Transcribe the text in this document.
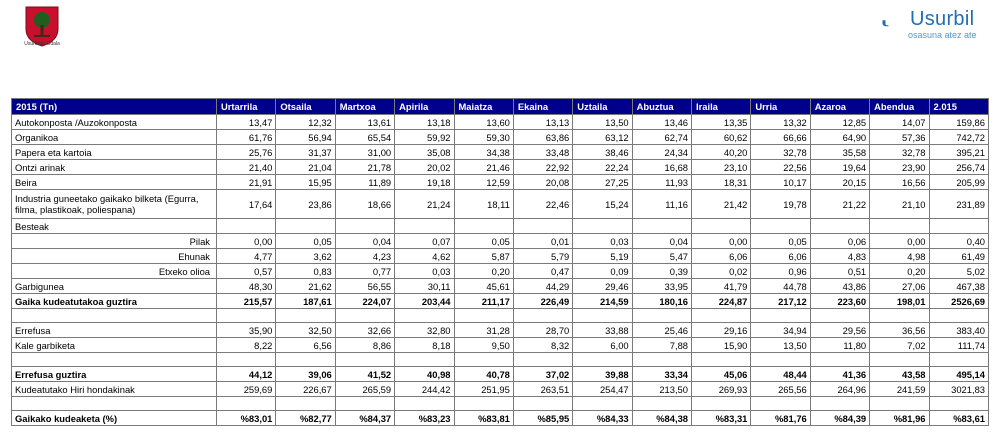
Usurbilgo Udala
Usurbil
osasuna atez ate
2015 (Tn)	Urtarrila	Otsaila	Martxoa	Apirila	Maiatza	Ekaina	Uztaila	Abuztua	Iraila	Urria	Azaroa	Abendua	2.015
Autokonposta /Auzokonposta	13,47	12,32	13,61	13,18	13,60	13,13	13,50	13,46	13,35	13,32	12,85	14,07	159,86
Organikoa	61,76	56,94	65,54	59,92	59,30	63,86	63,12	62,74	60,62	66,66	64,90	57,36	742,72
Papera eta kartoia	25,76	31,37	31,00	35,08	34,38	33,48	38,46	24,34	40,20	32,78	35,58	32,78	395,21
Ontzi arinak	21,40	21,04	21,78	20,02	21,46	22,92	22,24	16,68	23,10	22,56	19,64	23,90	256,74
Beira	21,91	15,95	11,89	19,18	12,59	20,08	27,25	11,93	18,31	10,17	20,15	16,56	205,99
Industria guneetako gaikako bilketa (Egurra, filma, plastikoak, poliespana)	17,64	23,86	18,66	21,24	18,11	22,46	15,24	11,16	21,42	19,78	21,22	21,10	231,89
Besteak													
Pilak	0,00	0,05	0,04	0,07	0,05	0,01	0,03	0,04	0,00	0,05	0,06	0,00	0,40
Ehunak	4,77	3,62	4,23	4,62	5,87	5,79	5,19	5,47	6,06	6,06	4,83	4,98	61,49
Etxeko olioa	0,57	0,83	0,77	0,03	0,20	0,47	0,09	0,39	0,02	0,96	0,51	0,20	5,02
Garbigunea	48,30	21,62	56,55	30,11	45,61	44,29	29,46	33,95	41,79	44,78	43,86	27,06	467,38
Gaika kudeatutakoa guztira	215,57	187,61	224,07	203,44	211,17	226,49	214,59	180,16	224,87	217,12	223,60	198,01	2526,69

Errefusa	35,90	32,50	32,66	32,80	31,28	28,70	33,88	25,46	29,16	34,94	29,56	36,56	383,40
Kale garbiketa	8,22	6,56	8,86	8,18	9,50	8,32	6,00	7,88	15,90	13,50	11,80	7,02	111,74

Errefusa guztira	44,12	39,06	41,52	40,98	40,78	37,02	39,88	33,34	45,06	48,44	41,36	43,58	495,14
Kudeatutako Hiri hondakinak	259,69	226,67	265,59	244,42	251,95	263,51	254,47	213,50	269,93	265,56	264,96	241,59	3021,83

Gaikako kudeaketa (%)	%83,01	%82,77	%84,37	%83,23	%83,81	%85,95	%84,33	%84,38	%83,31	%81,76	%84,39	%81,96	%83,61
